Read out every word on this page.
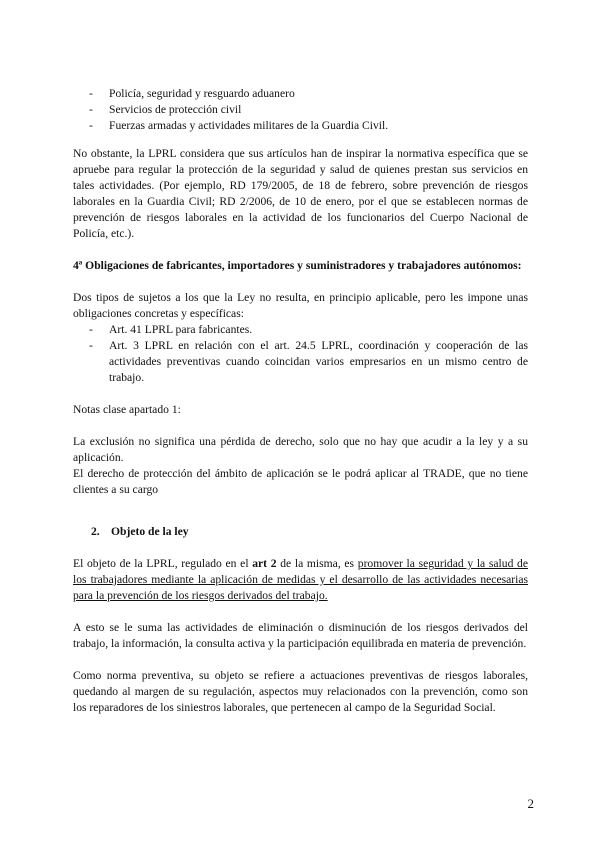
- Policía, seguridad y resguardo aduanero
- Servicios de protección civil
- Fuerzas armadas y actividades militares de la Guardia Civil.

No obstante, la LPRL considera que sus artículos han de inspirar la normativa específica que se apruebe para regular la protección de la seguridad y salud de quienes prestan sus servicios en tales actividades. (Por ejemplo, RD 179/2005, de 18 de febrero, sobre prevención de riesgos laborales en la Guardia Civil; RD 2/2006, de 10 de enero, por el que se establecen normas de prevención de riesgos laborales en la actividad de los funcionarios del Cuerpo Nacional de Policía, etc.).

4ª Obligaciones de fabricantes, importadores y suministradores y trabajadores autónomos:

Dos tipos de sujetos a los que la Ley no resulta, en principio aplicable, pero les impone unas obligaciones concretas y específicas:

- Art. 41 LPRL para fabricantes.
- Art. 3 LPRL en relación con el art. 24.5 LPRL, coordinación y cooperación de las actividades preventivas cuando coincidan varios empresarios en un mismo centro de trabajo.

Notas clase apartado 1:

La exclusión no significa una pérdida de derecho, solo que no hay que acudir a la ley y a su aplicación.

El derecho de protección del ámbito de aplicación se le podrá aplicar al TRADE, que no tiene clientes a su cargo

2. Objeto de la ley

El objeto de la LPRL, regulado en el art 2 de la misma, es promover la seguridad y la salud de los trabajadores mediante la aplicación de medidas y el desarrollo de las actividades necesarias para la prevención de los riesgos derivados del trabajo.

A esto se le suma las actividades de eliminación o disminución de los riesgos derivados del trabajo, la información, la consulta activa y la participación equilibrada en materia de prevención.

Como norma preventiva, su objeto se refiere a actuaciones preventivas de riesgos laborales, quedando al margen de su regulación, aspectos muy relacionados con la prevención, como son los reparadores de los siniestros laborales, que pertenecen al campo de la Seguridad Social.

2
